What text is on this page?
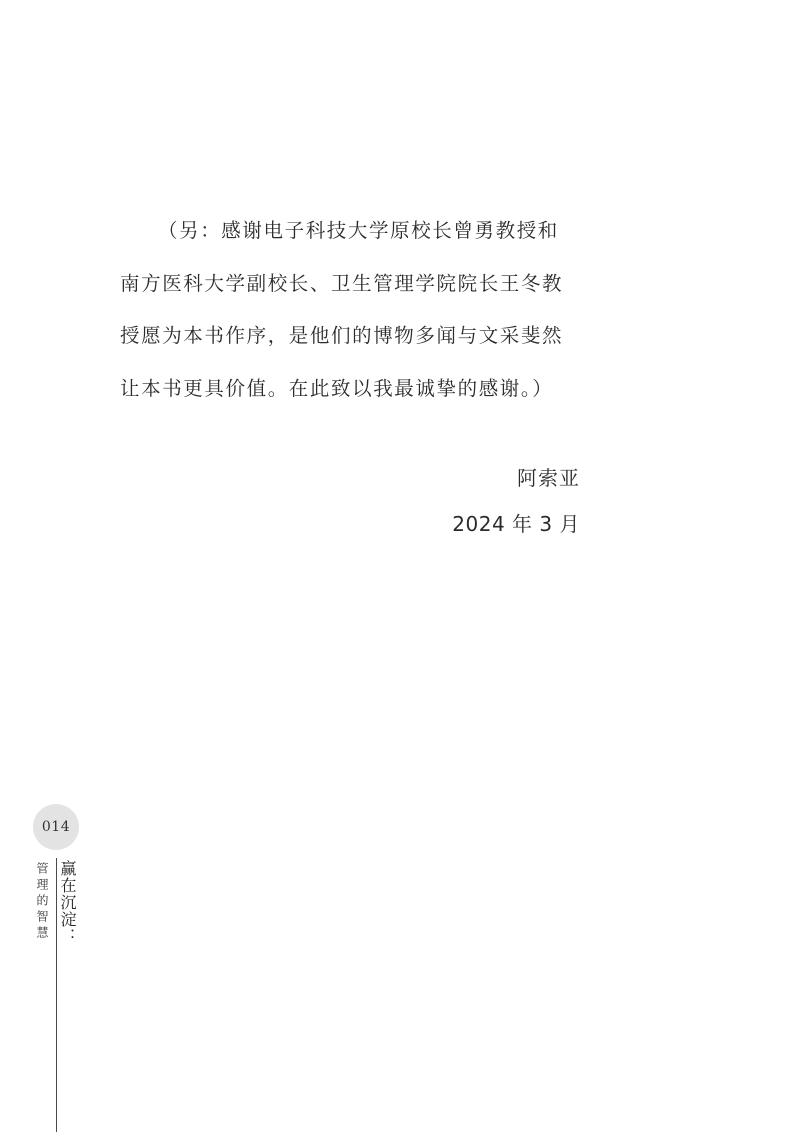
（另：感谢电子科技大学原校长曾勇教授和
南方医科大学副校长、卫生管理学院院长王冬教
授愿为本书作序，是他们的博物多闻与文采斐然
让本书更具价值。在此致以我最诚挚的感谢。）
阿索亚
2024 年 3 月
014
管理的智慧 赢在沉淀：
